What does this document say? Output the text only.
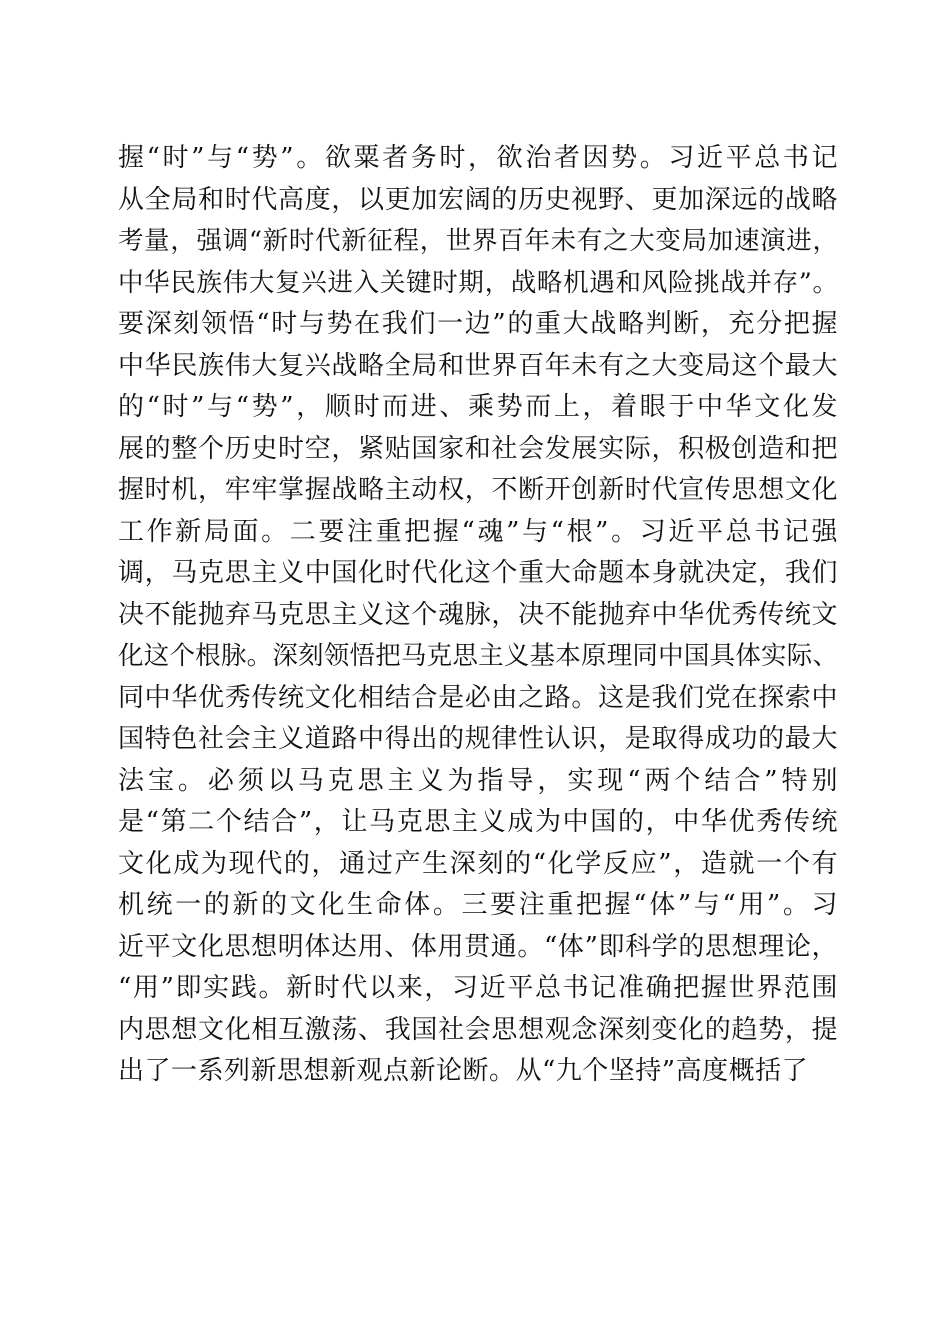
握“时”与“势”。欲粟者务时，欲治者因势。习近平总书记
从全局和时代高度，以更加宏阔的历史视野、更加深远的战略
考量，强调“新时代新征程，世界百年未有之大变局加速演进，
中华民族伟大复兴进入关键时期，战略机遇和风险挑战并存”。
要深刻领悟“时与势在我们一边”的重大战略判断，充分把握
中华民族伟大复兴战略全局和世界百年未有之大变局这个最大
的“时”与“势”，顺时而进、乘势而上，着眼于中华文化发
展的整个历史时空，紧贴国家和社会发展实际，积极创造和把
握时机，牢牢掌握战略主动权，不断开创新时代宣传思想文化
工作新局面。二要注重把握“魂”与“根”。习近平总书记强
调，马克思主义中国化时代化这个重大命题本身就决定，我们
决不能抛弃马克思主义这个魂脉，决不能抛弃中华优秀传统文
化这个根脉。深刻领悟把马克思主义基本原理同中国具体实际、
同中华优秀传统文化相结合是必由之路。这是我们党在探索中
国特色社会主义道路中得出的规律性认识，是取得成功的最大
法宝。必须以马克思主义为指导，实现“两个结合”特别
是“第二个结合”，让马克思主义成为中国的，中华优秀传统
文化成为现代的，通过产生深刻的“化学反应”，造就一个有
机统一的新的文化生命体。三要注重把握“体”与“用”。习
近平文化思想明体达用、体用贯通。“体”即科学的思想理论，
“用”即实践。新时代以来，习近平总书记准确把握世界范围
内思想文化相互激荡、我国社会思想观念深刻变化的趋势，提
出了一系列新思想新观点新论断。从“九个坚持”高度概括了
